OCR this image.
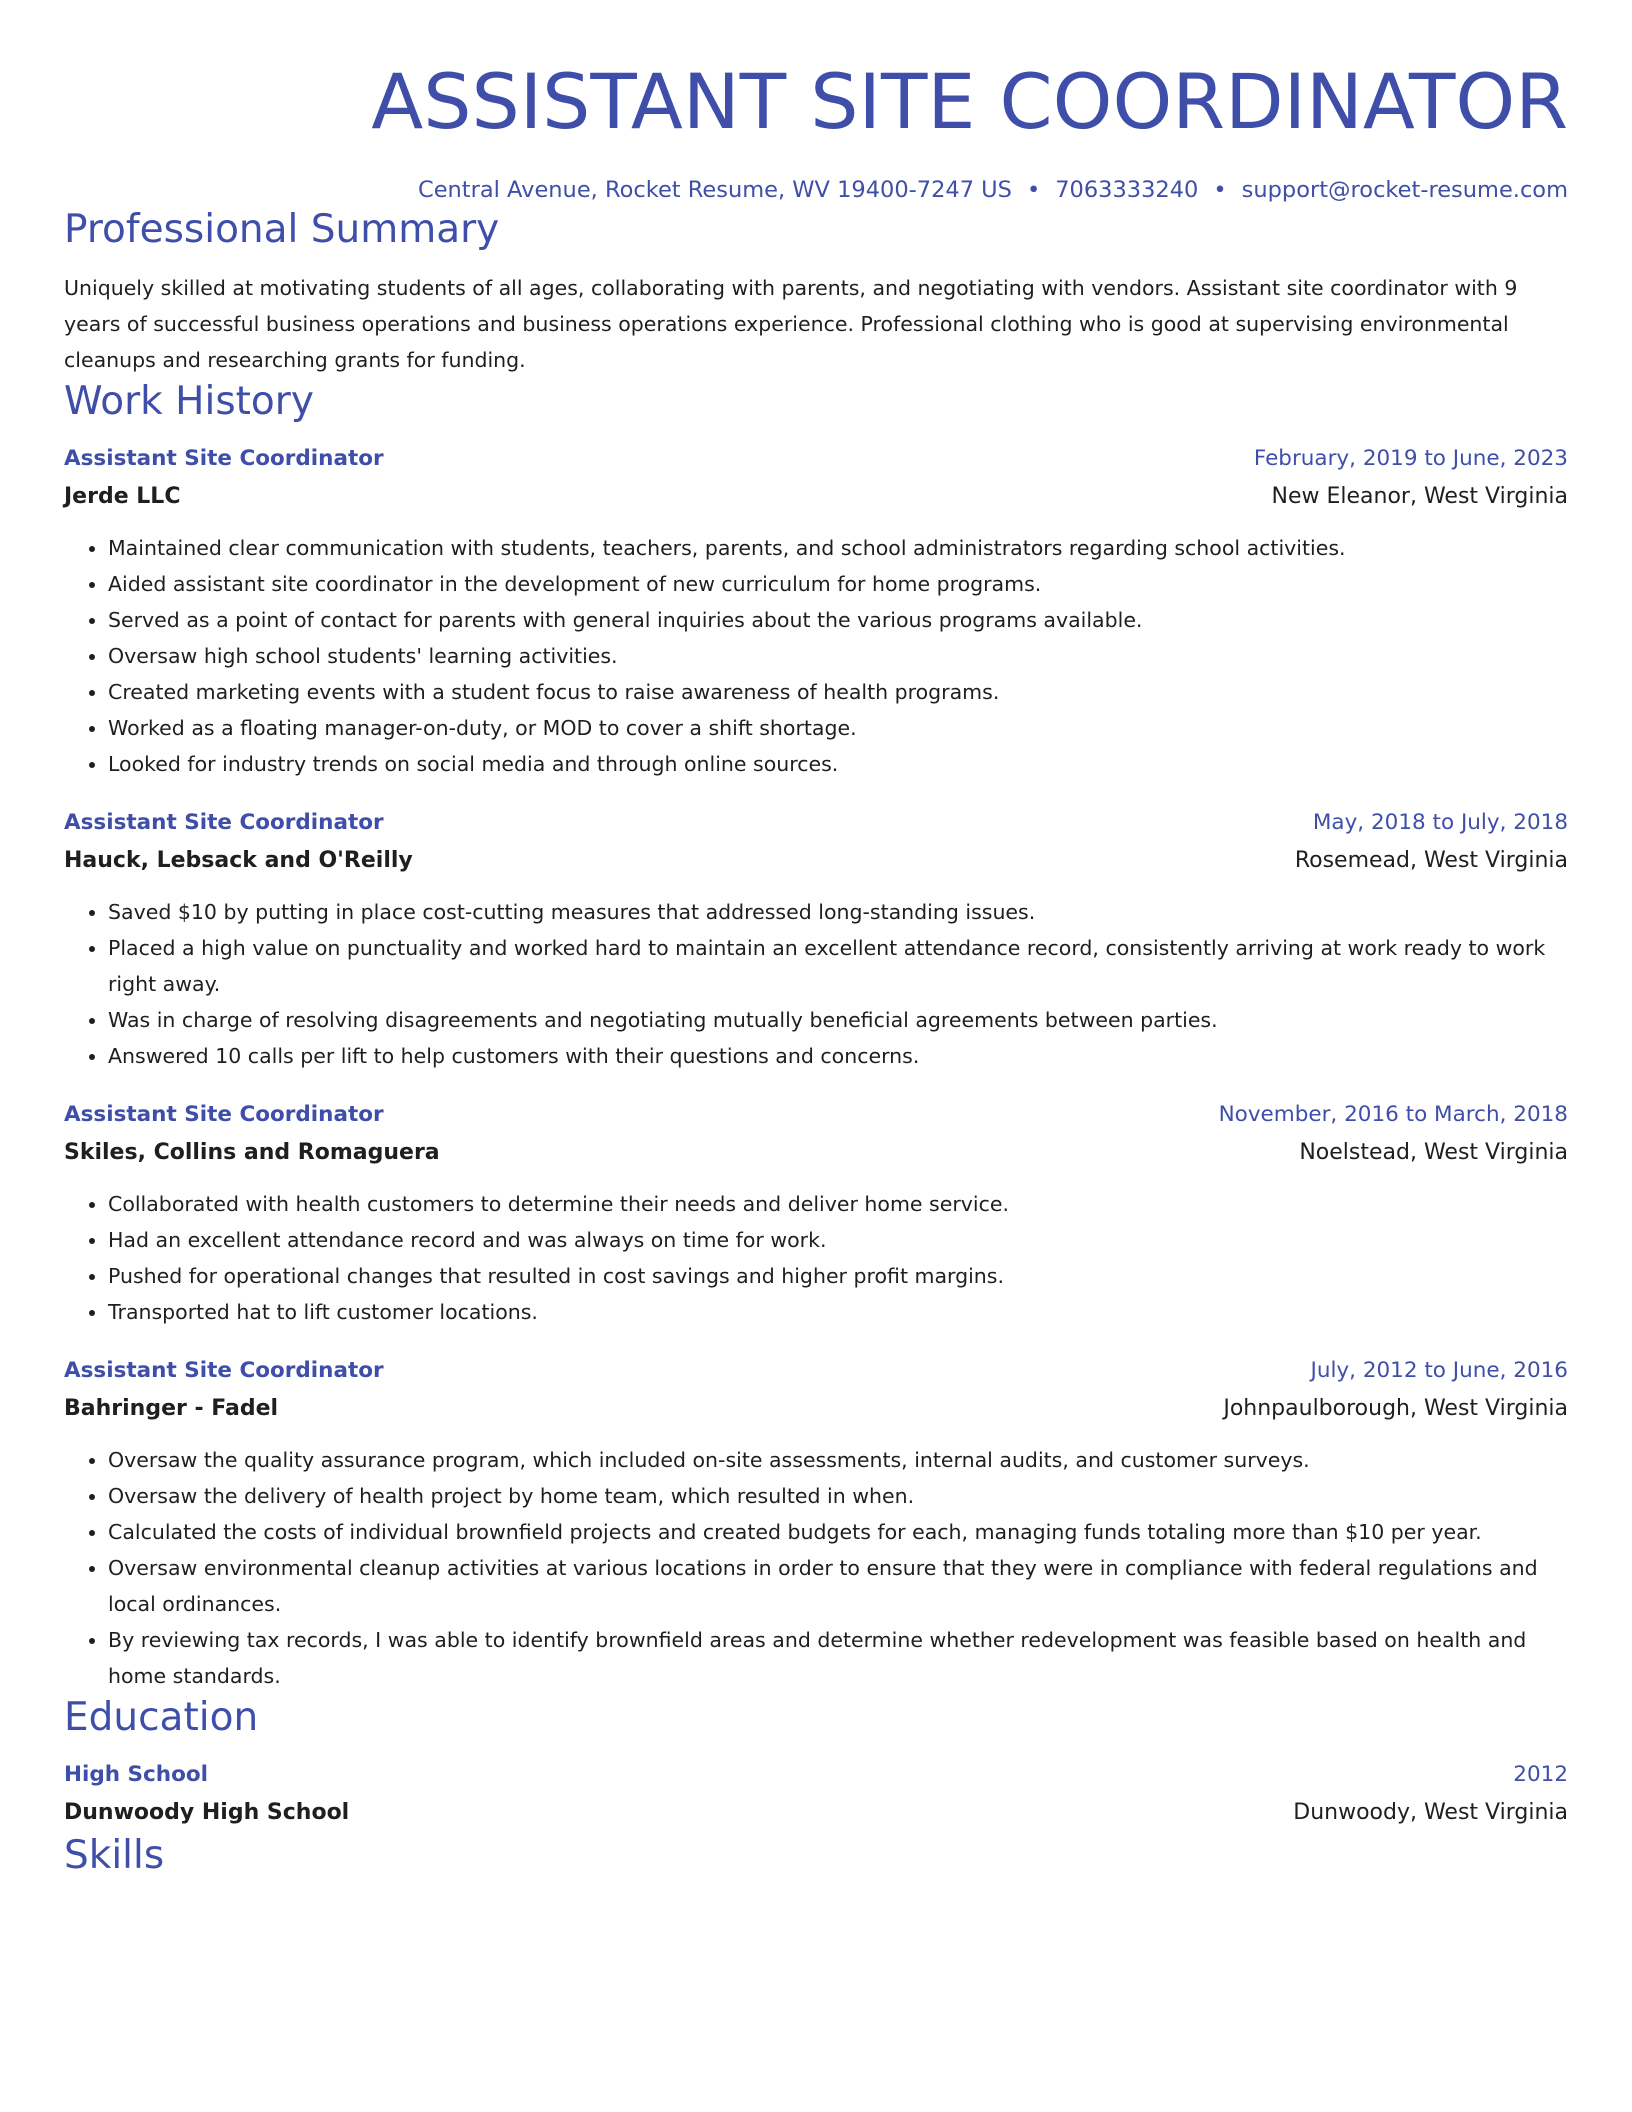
ASSISTANT SITE COORDINATOR
Central Avenue, Rocket Resume, WV 19400-7247 US • 7063333240 • support@rocket-resume.com
Professional Summary
Uniquely skilled at motivating students of all ages, collaborating with parents, and negotiating with vendors. Assistant site coordinator with 9 years of successful business operations and business operations experience. Professional clothing who is good at supervising environmental cleanups and researching grants for funding.
Work History
Assistant Site Coordinator	February, 2019 to June, 2023
Jerde LLC	New Eleanor, West Virginia
• Maintained clear communication with students, teachers, parents, and school administrators regarding school activities.
• Aided assistant site coordinator in the development of new curriculum for home programs.
• Served as a point of contact for parents with general inquiries about the various programs available.
• Oversaw high school students' learning activities.
• Created marketing events with a student focus to raise awareness of health programs.
• Worked as a floating manager-on-duty, or MOD to cover a shift shortage.
• Looked for industry trends on social media and through online sources.
Assistant Site Coordinator	May, 2018 to July, 2018
Hauck, Lebsack and O'Reilly	Rosemead, West Virginia
• Saved $10 by putting in place cost-cutting measures that addressed long-standing issues.
• Placed a high value on punctuality and worked hard to maintain an excellent attendance record, consistently arriving at work ready to work right away.
• Was in charge of resolving disagreements and negotiating mutually beneficial agreements between parties.
• Answered 10 calls per lift to help customers with their questions and concerns.
Assistant Site Coordinator	November, 2016 to March, 2018
Skiles, Collins and Romaguera	Noelstead, West Virginia
• Collaborated with health customers to determine their needs and deliver home service.
• Had an excellent attendance record and was always on time for work.
• Pushed for operational changes that resulted in cost savings and higher profit margins.
• Transported hat to lift customer locations.
Assistant Site Coordinator	July, 2012 to June, 2016
Bahringer - Fadel	Johnpaulborough, West Virginia
• Oversaw the quality assurance program, which included on-site assessments, internal audits, and customer surveys.
• Oversaw the delivery of health project by home team, which resulted in when.
• Calculated the costs of individual brownfield projects and created budgets for each, managing funds totaling more than $10 per year.
• Oversaw environmental cleanup activities at various locations in order to ensure that they were in compliance with federal regulations and local ordinances.
• By reviewing tax records, I was able to identify brownfield areas and determine whether redevelopment was feasible based on health and home standards.
Education
High School	2012
Dunwoody High School	Dunwoody, West Virginia
Skills
